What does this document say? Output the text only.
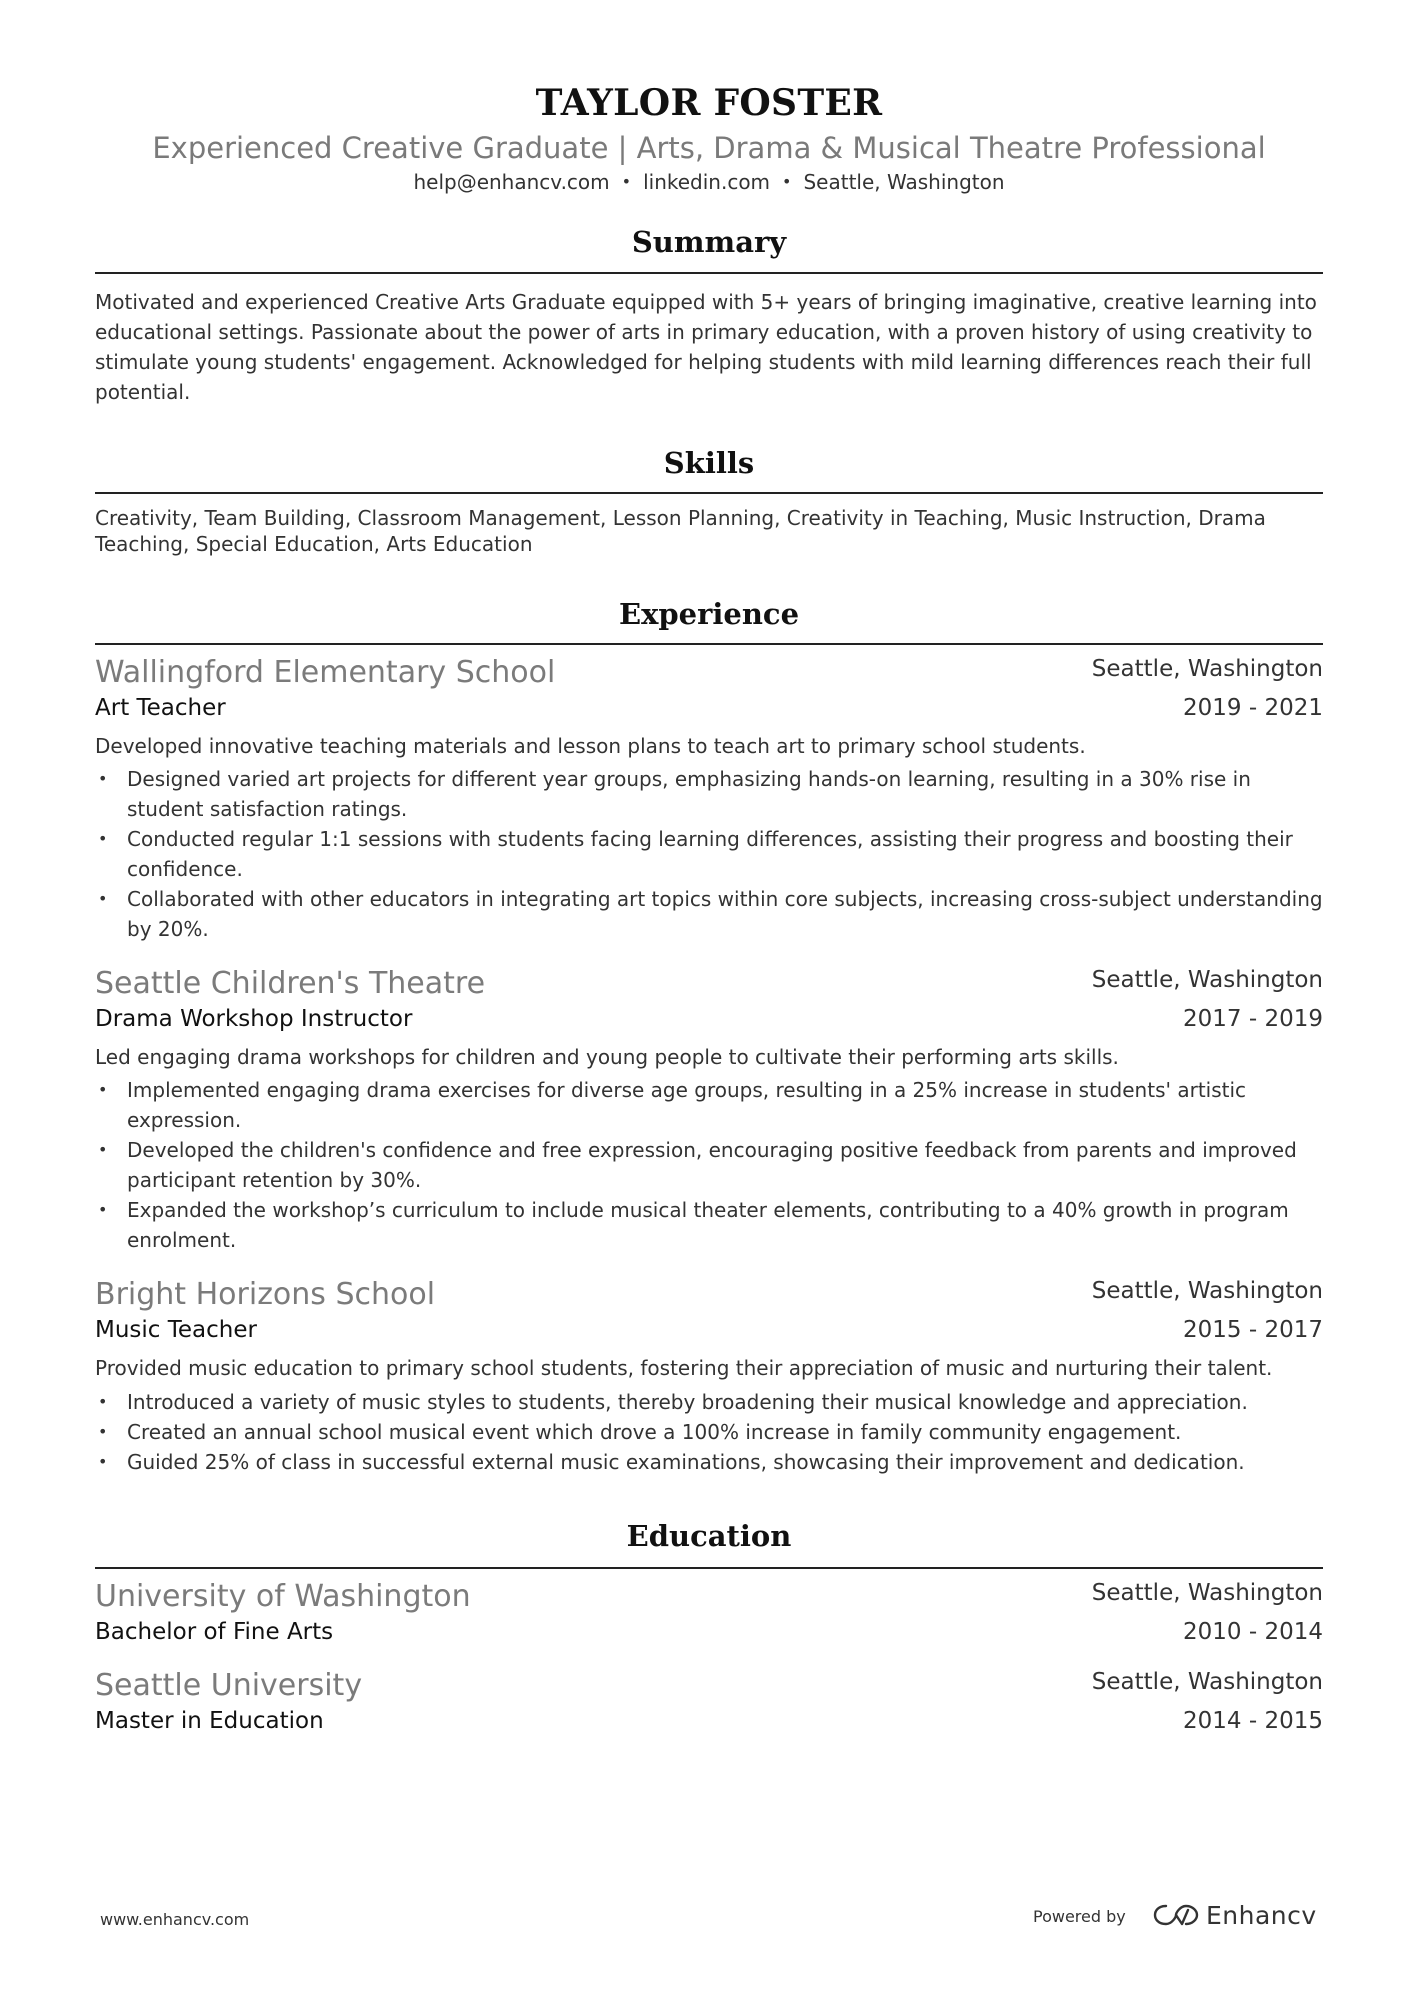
TAYLOR FOSTER
Experienced Creative Graduate | Arts, Drama & Musical Theatre Professional
help@enhancv.com • linkedin.com • Seattle, Washington
Summary
Motivated and experienced Creative Arts Graduate equipped with 5+ years of bringing imaginative, creative learning into educational settings. Passionate about the power of arts in primary education, with a proven history of using creativity to stimulate young students' engagement. Acknowledged for helping students with mild learning differences reach their full potential.
Skills
Creativity, Team Building, Classroom Management, Lesson Planning, Creativity in Teaching, Music Instruction, Drama Teaching, Special Education, Arts Education
Experience
Wallingford Elementary School	Seattle, Washington
Art Teacher	2019 - 2021
Developed innovative teaching materials and lesson plans to teach art to primary school students.
• Designed varied art projects for different year groups, emphasizing hands-on learning, resulting in a 30% rise in student satisfaction ratings.
• Conducted regular 1:1 sessions with students facing learning differences, assisting their progress and boosting their confidence.
• Collaborated with other educators in integrating art topics within core subjects, increasing cross-subject understanding by 20%.
Seattle Children's Theatre	Seattle, Washington
Drama Workshop Instructor	2017 - 2019
Led engaging drama workshops for children and young people to cultivate their performing arts skills.
• Implemented engaging drama exercises for diverse age groups, resulting in a 25% increase in students' artistic expression.
• Developed the children's confidence and free expression, encouraging positive feedback from parents and improved participant retention by 30%.
• Expanded the workshop’s curriculum to include musical theater elements, contributing to a 40% growth in program enrolment.
Bright Horizons School	Seattle, Washington
Music Teacher	2015 - 2017
Provided music education to primary school students, fostering their appreciation of music and nurturing their talent.
• Introduced a variety of music styles to students, thereby broadening their musical knowledge and appreciation.
• Created an annual school musical event which drove a 100% increase in family community engagement.
• Guided 25% of class in successful external music examinations, showcasing their improvement and dedication.
Education
University of Washington	Seattle, Washington
Bachelor of Fine Arts	2010 - 2014
Seattle University	Seattle, Washington
Master in Education	2014 - 2015
www.enhancv.com	Powered by	Enhancv
